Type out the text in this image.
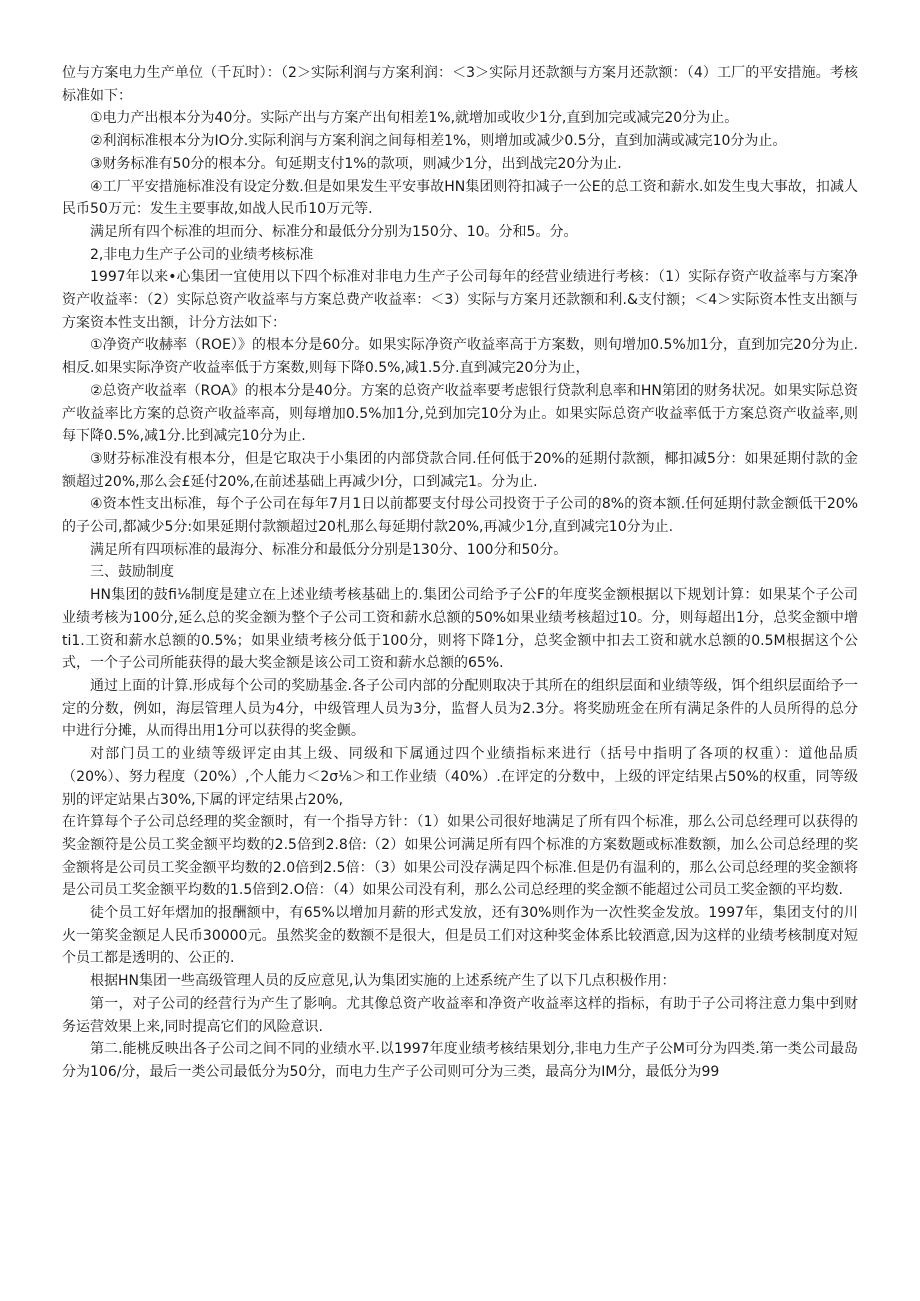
位与方案电力生产单位（千瓦时）：（2＞实际利润与方案利润：＜3＞实际月还款额与方案月还款额：（4）工厂的平安措施。考核标准如下：

①电力产出根本分为40分。实际产出与方案产出旬相差1%,就增加或收少1分,直到加完或减完20分为止。

②利润标准根本分为IO分.实际利润与方案利润之间每相差1%，则增加或减少0.5分，直到加满或减完10分为止。

③财务标准有50分的根本分。旬延期支付1%的款项，则减少1分，出到战完20分为止.

④工厂平安措施标准没有设定分数.但是如果发生平安事故HN集团则符扣减子一公E的总工资和薪水.如发生曳大事故，扣减人民币50万元：发生主要事故,如战人民币10万元等.

满足所有四个标准的坦而分、标准分和最低分分别为150分、10。分和5。分。

2,非电力生产子公司的业绩考核标准

1997年以来•心集团一宜使用以下四个标准对非电力生产子公司每年的经营业绩进行考核：（1）实际存资产收益率与方案净资产收益率：（2）实际总资产收益率与方案总费产收益率：＜3）实际与方案月还款额和利.&支付额；＜4＞实际资本性支出额与方案资本性支出额，计分方法如下：

①净资产收赫率（ROE）》的根本分是60分。如果实际净资产收益率高于方案数，则旬增加0.5%加1分，直到加完20分为止.相反.如果实际净资产收益率低于方案数,则每下降0.5%,减1.5分.直到减完20分为止，

②总资产收益率（ROA》的根本分是40分。方案的总资产收益率要考虑银行贷款利息率和HN第团的财务状况。如果实际总资产收益率比方案的总资产收益率高，则每增加0.5%加1分,兑到加完10分为止。如果实际总资产收益率低于方案总资产收益率,则每下降0.5%,减1分.比到减完10分为止.

③财芬标准没有根本分，但是它取决于小集团的内部贷款合同.任何低于20%的延期付款额，椰扣减5分：如果延期付款的金额超过20%,那么会£延付20%,在前述基础上再减少I分，口到减完1。分为止.

④资本性支出标准，每个子公司在每年7月1日以前都要支付母公司投资于子公司的8%的资本额.任何延期付款金额低干20%的子公司,都减少5分:如果延期付款额超过20札那么每延期付款20%,再减少1分,直到减完10分为止.

满足所有四项标准的最海分、标准分和最低分分别是130分、100分和50分。

三、鼓励制度

HN集团的鼓fi⅛制度是建立在上述业绩考核基础上的.集团公司给予子公F的年度奖金额根据以下规划计算：如果某个子公司业绩考核为100分,延么总的奖金额为整个子公司工资和薪水总额的50%如果业绩考核超过10。分，则每超出1分，总奖金额中增ti1.工资和薪水总额的0.5%；如果业绩考核分低于100分，则将下降1分，总奖金额中扣去工资和就水总额的0.5M根据这个公式，一个子公司所能获得的最大奖金额是该公司工资和薪水总额的65%.

通过上面的计算.形成每个公司的奖励基金.各子公司内部的分配则取决于其所在的组织层面和业绩等级，饵个组织层面给予一定的分数，例如，海层管理人员为4分，中级管理人员为3分，监督人员为2.3分。将奖励班金在所有满足条件的人员所得的总分中进行分摊，从而得出用1分可以获得的奖金颤。

对部门员工的业绩等级评定由其上级、同级和下属通过四个业绩指标来进行（括号中指明了各项的权重）：道他品质（20%）、努力程度（20%）,个人能力＜2σ⅛＞和工作业绩（40%）.在评定的分数中，上级的评定结果占50%的权重，同等级别的评定站果占30%,下属的评定结果占20%,

在许算每个子公司总经理的奖金额时，有一个指导方针：（1）如果公司很好地满足了所有四个标准，那么公司总经理可以获得的奖金额符是公员工奖金额平均数的2.5倍到2.8倍:（2）如果公诃满足所有四个标准的方案数题或标准数额，加么公司总经理的奖金额将是公司员工奖金额平均数的2.0倍到2.5倍：（3）如果公司没存满足四个标准.但是仍有温利的，那么公司总经理的奖金额将是公司员工奖金额平均数的1.5倍到2.O倍：（4）如果公司没有利，那么公司总经理的奖金额不能超过公司员工奖金额的平均数.

徒个员工好年熠加的报酬额中，有65%以增加月薪的形式发放，还有30%则作为一次性奖金发放。1997年，集团支付的川火一第奖金额足人民币30000元。虽然奖金的数额不是很大，但是员工们对这种奖金体系比较酒意,因为这样的业绩考核制度对短个员工都是透明的、公正的.

根据HN集团一些高级管理人员的反应意见,认为集团实施的上述系统产生了以下几点积极作用：

第一，对子公司的经营行为产生了影响。尤其像总资产收益率和净资产收益率这样的指标，有助于子公司将注意力集中到财务运营效果上来,同时提高它们的风险意识.

第二.能桃反映出各子公司之间不同的业绩水平.以1997年度业绩考核结果划分,非电力生产子公M可分为四类.第一类公司最岛分为106/分，最后一类公司最低分为50分，而电力生产子公司则可分为三类，最高分为IM分，最低分为99
